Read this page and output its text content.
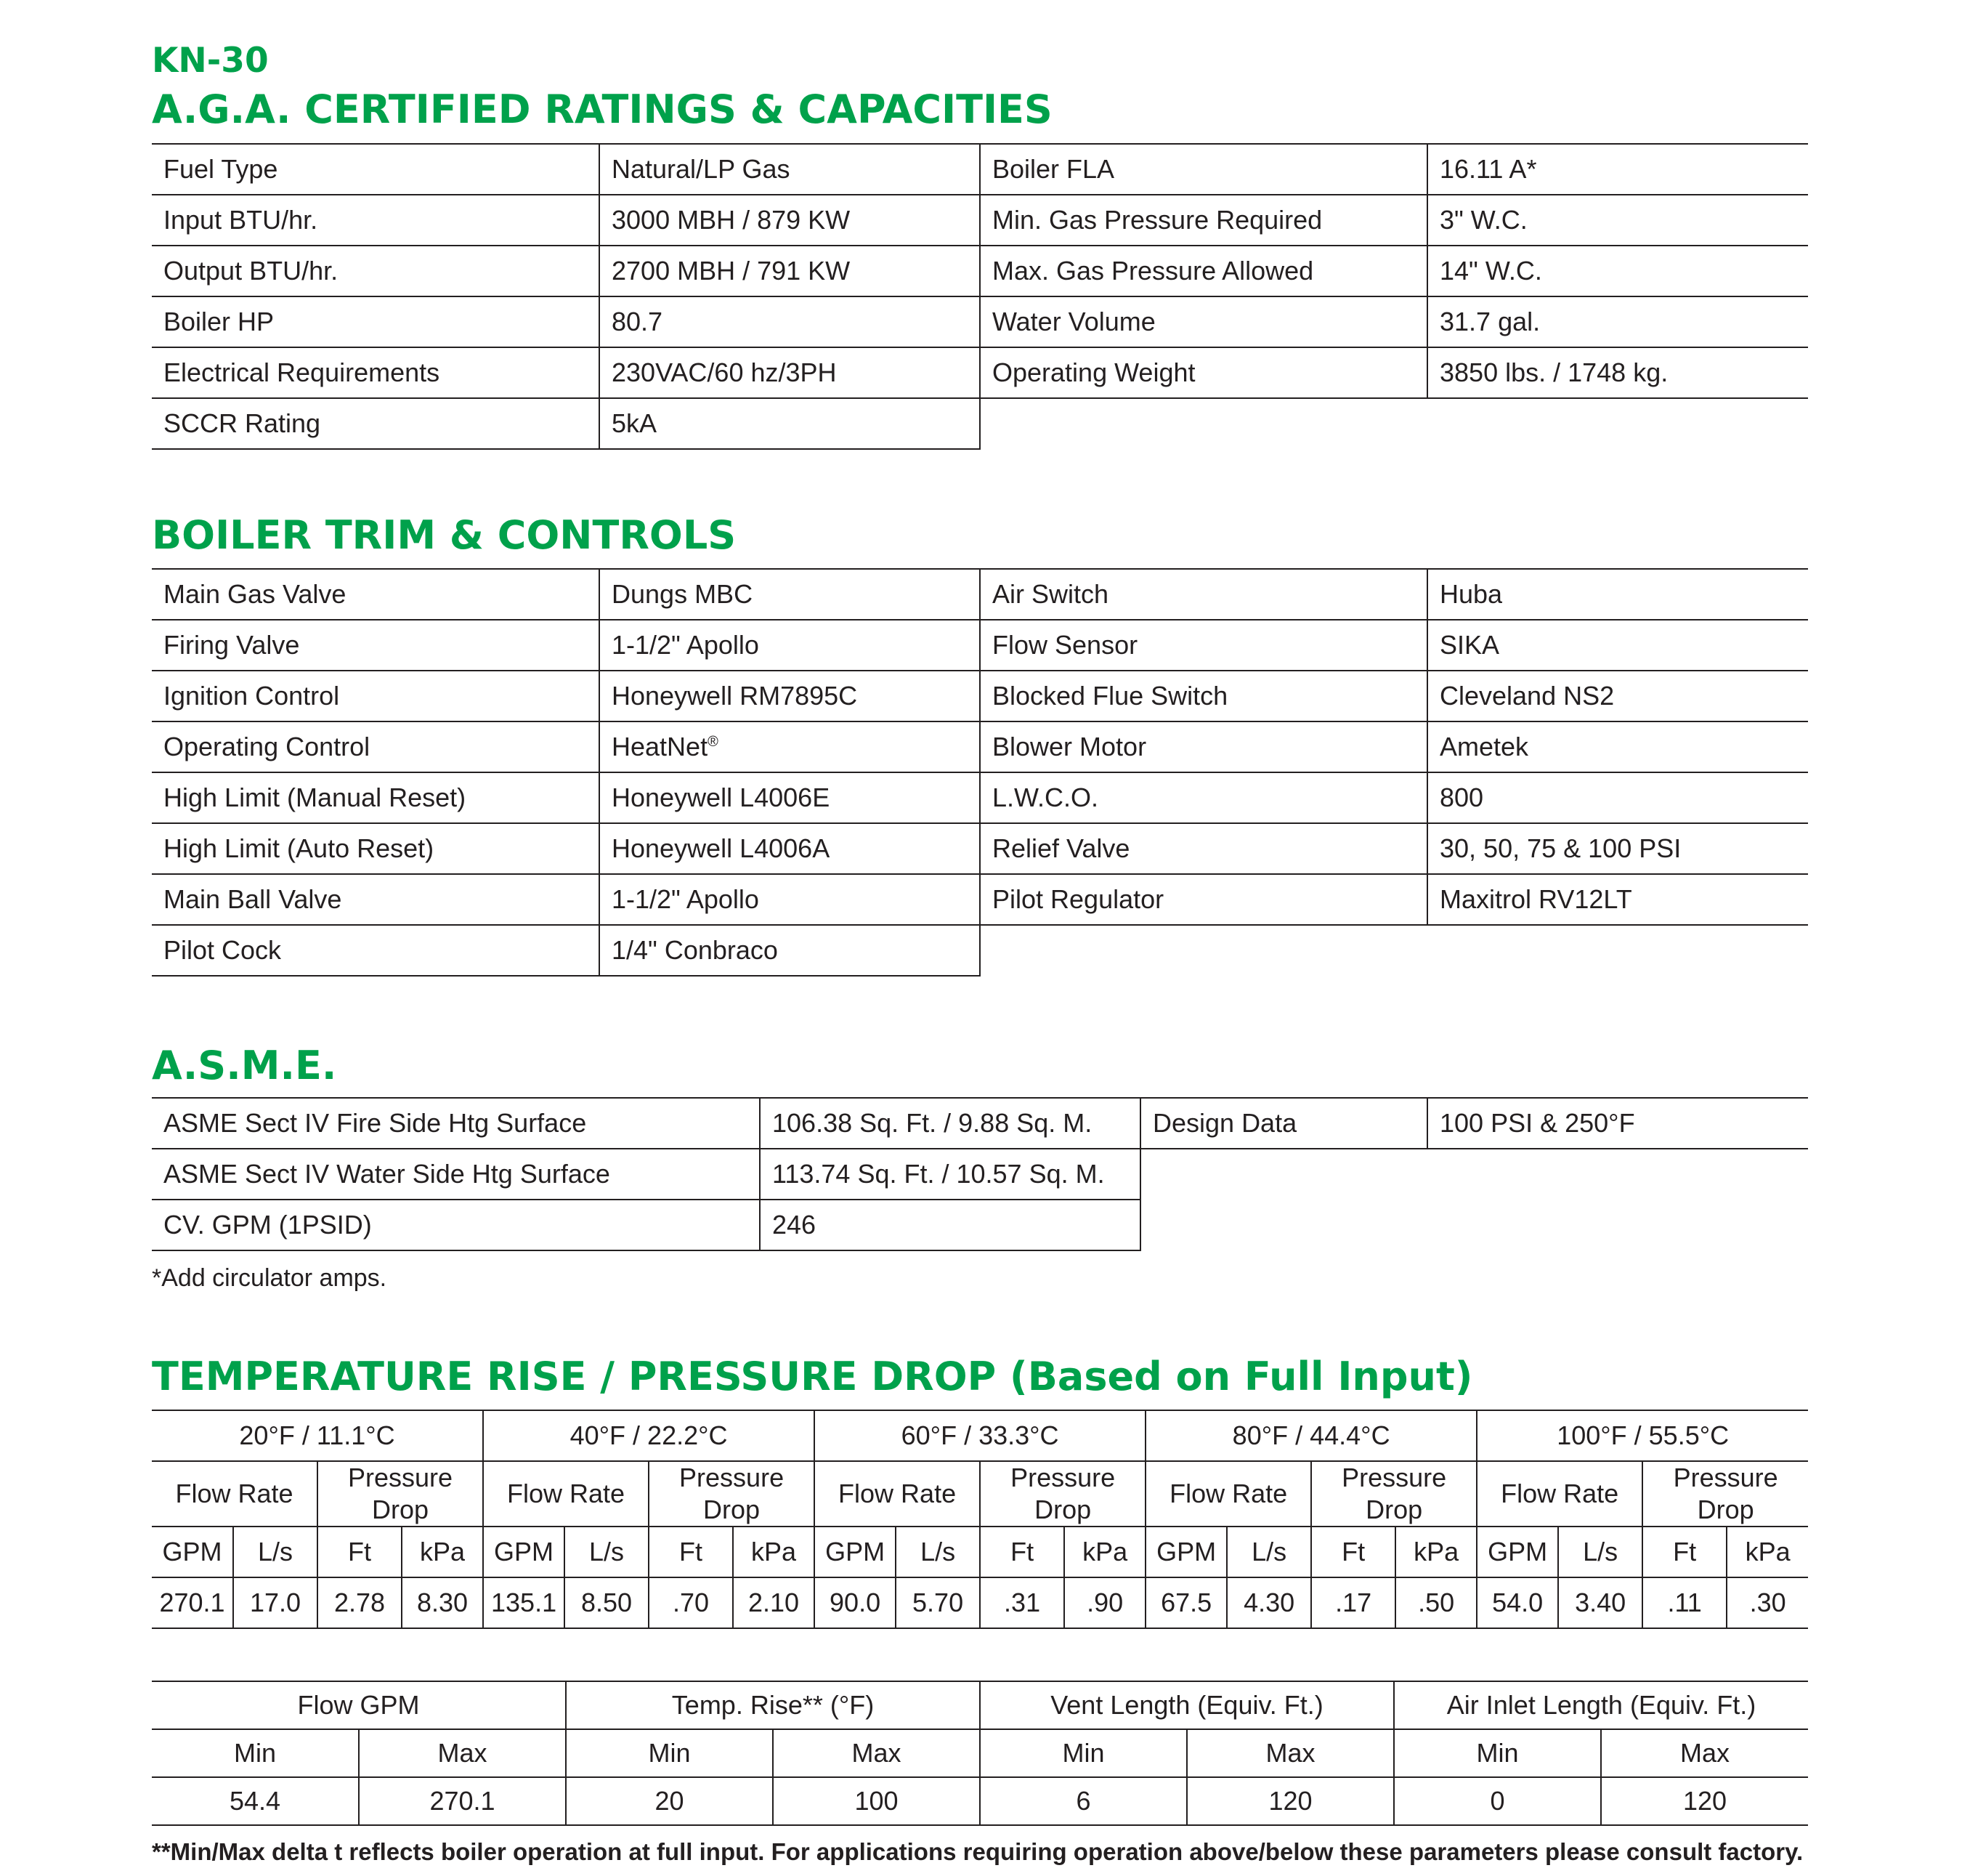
KN-30
A.G.A. CERTIFIED RATINGS & CAPACITIES
Fuel Type	Natural/LP Gas	Boiler FLA	16.11 A*
Input BTU/hr.	3000 MBH / 879 KW	Min. Gas Pressure Required	3" W.C.
Output BTU/hr.	2700 MBH / 791 KW	Max. Gas Pressure Allowed	14" W.C.
Boiler HP	80.7	Water Volume	31.7 gal.
Electrical Requirements	230VAC/60 hz/3PH	Operating Weight	3850 lbs. / 1748 kg.
SCCR Rating	5kA		
BOILER TRIM & CONTROLS
Main Gas Valve	Dungs MBC	Air Switch	Huba
Firing Valve	1-1/2" Apollo	Flow Sensor	SIKA
Ignition Control	Honeywell RM7895C	Blocked Flue Switch	Cleveland NS2
Operating Control	HeatNet®	Blower Motor	Ametek
High Limit (Manual Reset)	Honeywell L4006E	L.W.C.O.	800
High Limit (Auto Reset)	Honeywell L4006A	Relief Valve	30, 50, 75 & 100 PSI
Main Ball Valve	1-1/2" Apollo	Pilot Regulator	Maxitrol RV12LT
Pilot Cock	1/4" Conbraco		
A.S.M.E.
ASME Sect IV Fire Side Htg Surface	106.38 Sq. Ft. / 9.88 Sq. M.	Design Data	100 PSI & 250°F
ASME Sect IV Water Side Htg Surface	113.74 Sq. Ft. / 10.57 Sq. M.		
CV. GPM (1PSID)	246		
*Add circulator amps.
TEMPERATURE RISE / PRESSURE DROP (Based on Full Input)
20°F / 11.1°C				40°F / 22.2°C				60°F / 33.3°C				80°F / 44.4°C				100°F / 55.5°C			
Flow Rate		Pressure Drop		Flow Rate		Pressure Drop		Flow Rate		Pressure Drop		Flow Rate		Pressure Drop		Flow Rate		Pressure Drop	
GPM	L/s	Ft	kPa	GPM	L/s	Ft	kPa	GPM	L/s	Ft	kPa	GPM	L/s	Ft	kPa	GPM	L/s	Ft	kPa
270.1	17.0	2.78	8.30	135.1	8.50	.70	2.10	90.0	5.70	.31	.90	67.5	4.30	.17	.50	54.0	3.40	.11	.30
Flow GPM		Temp. Rise** (°F)		Vent Length (Equiv. Ft.)		Air Inlet Length (Equiv. Ft.)	
Min	Max	Min	Max	Min	Max	Min	Max
54.4	270.1	20	100	6	120	0	120
**Min/Max delta t reflects boiler operation at full input. For applications requiring operation above/below these parameters please consult factory.
